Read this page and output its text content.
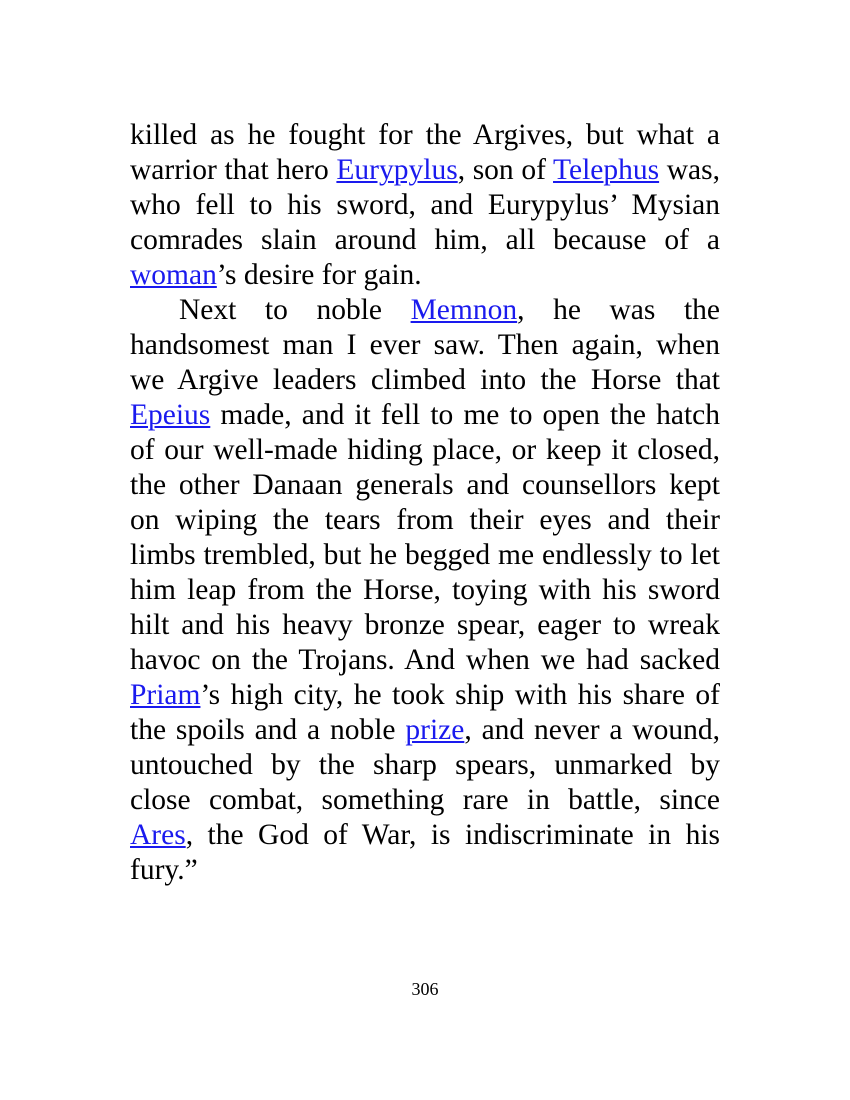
killed as he fought for the Argives, but what a warrior that hero Eurypylus, son of Telephus was, who fell to his sword, and Eurypylus’ Mysian comrades slain around him, all because of a woman’s desire for gain.

Next to noble Memnon, he was the handsomest man I ever saw. Then again, when we Argive leaders climbed into the Horse that Epeius made, and it fell to me to open the hatch of our well-made hiding place, or keep it closed, the other Danaan generals and counsellors kept on wiping the tears from their eyes and their limbs trembled, but he begged me endlessly to let him leap from the Horse, toying with his sword hilt and his heavy bronze spear, eager to wreak havoc on the Trojans. And when we had sacked Priam’s high city, he took ship with his share of the spoils and a noble prize, and never a wound, untouched by the sharp spears, unmarked by close combat, something rare in battle, since Ares, the God of War, is indiscriminate in his fury.”

306
